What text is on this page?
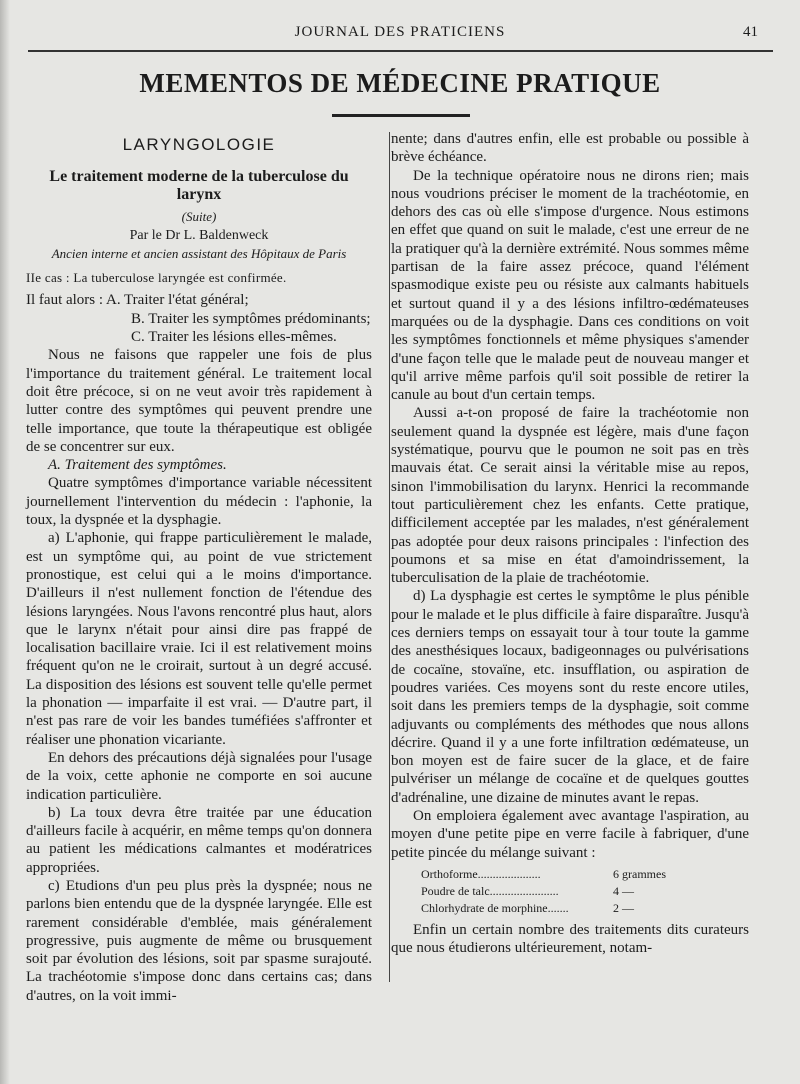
JOURNAL DES PRATICIENS	41
MEMENTOS DE MÉDECINE PRATIQUE
LARYNGOLOGIE
Le traitement moderne de la tuberculose du larynx
(Suite)
Par le Dr L. Baldenweck
Ancien interne et ancien assistant des Hôpitaux de Paris
IIe cas : La tuberculose laryngée est confirmée.

Il faut alors : A. Traiter l'état général;

B. Traiter les symptômes prédominants;

C. Traiter les lésions elles-mêmes.

Nous ne faisons que rappeler une fois de plus l'importance du traitement général. Le traitement local doit être précoce, si on ne veut avoir très rapidement à lutter contre des symptômes qui peuvent prendre une telle importance, que toute la thérapeutique est obligée de se concentrer sur eux.

A. Traitement des symptômes.

Quatre symptômes d'importance variable nécessitent journellement l'intervention du médecin : l'aphonie, la toux, la dyspnée et la dysphagie.

a) L'aphonie, qui frappe particulièrement le malade, est un symptôme qui, au point de vue strictement pronostique, est celui qui a le moins d'importance. D'ailleurs il n'est nullement fonction de l'étendue des lésions laryngées. Nous l'avons rencontré plus haut, alors que le larynx n'était pour ainsi dire pas frappé de localisation bacillaire vraie. Ici il est relativement moins fréquent qu'on ne le croirait, surtout à un degré accusé. La disposition des lésions est souvent telle qu'elle permet la phonation — imparfaite il est vrai. — D'autre part, il n'est pas rare de voir les bandes tuméfiées s'affronter et réaliser une phonation vicariante.

En dehors des précautions déjà signalées pour l'usage de la voix, cette aphonie ne comporte en soi aucune indication particulière.

b) La toux devra être traitée par une éducation d'ailleurs facile à acquérir, en même temps qu'on donnera au patient les médications calmantes et modératrices appropriées.

c) Etudions d'un peu plus près la dyspnée; nous ne parlons bien entendu que de la dyspnée laryngée. Elle est rarement considérable d'emblée, mais généralement progressive, puis augmente de même ou brusquement soit par évolution des lésions, soit par spasme surajouté. La trachéotomie s'impose donc dans certains cas; dans d'autres, on la voit immi-

nente; dans d'autres enfin, elle est probable ou possible à brève échéance.

De la technique opératoire nous ne dirons rien; mais nous voudrions préciser le moment de la trachéotomie, en dehors des cas où elle s'impose d'urgence. Nous estimons en effet que quand on suit le malade, c'est une erreur de ne la pratiquer qu'à la dernière extrémité. Nous sommes même partisan de la faire assez précoce, quand l'élément spasmodique existe peu ou résiste aux calmants habituels et surtout quand il y a des lésions infiltro-œdémateuses marquées ou de la dysphagie. Dans ces conditions on voit les symptômes fonctionnels et même physiques s'amender d'une façon telle que le malade peut de nouveau manger et qu'il arrive même parfois qu'il soit possible de retirer la canule au bout d'un certain temps.

Aussi a-t-on proposé de faire la trachéotomie non seulement quand la dyspnée est légère, mais d'une façon systématique, pourvu que le poumon ne soit pas en très mauvais état. Ce serait ainsi la véritable mise au repos, sinon l'immobilisation du larynx. Henrici la recommande tout particulièrement chez les enfants. Cette pratique, difficilement acceptée par les malades, n'est généralement pas adoptée pour deux raisons principales : l'infection des poumons et sa mise en état d'amoindrissement, la tuberculisation de la plaie de trachéotomie.

d) La dysphagie est certes le symptôme le plus pénible pour le malade et le plus difficile à faire disparaître. Jusqu'à ces derniers temps on essayait tour à tour toute la gamme des anesthésiques locaux, badigeonnages ou pulvérisations de cocaïne, stovaïne, etc. insufflation, ou aspiration de poudres variées. Ces moyens sont du reste encore utiles, soit dans les premiers temps de la dysphagie, soit comme adjuvants ou compléments des méthodes que nous allons décrire. Quand il y a une forte infiltration œdémateuse, un bon moyen est de faire sucer de la glace, et de faire pulvériser un mélange de cocaïne et de quelques gouttes d'adrénaline, une dizaine de minutes avant le repas.

On emploiera également avec avantage l'aspiration, au moyen d'une petite pipe en verre facile à fabriquer, d'une petite pincée du mélange suivant :

Orthoforme.....................	6 grammes
Poudre de talc.......................	4 —
Chlorhydrate de morphine.......	2 —

Enfin un certain nombre des traitements dits curateurs que nous étudierons ultérieurement, notam-
